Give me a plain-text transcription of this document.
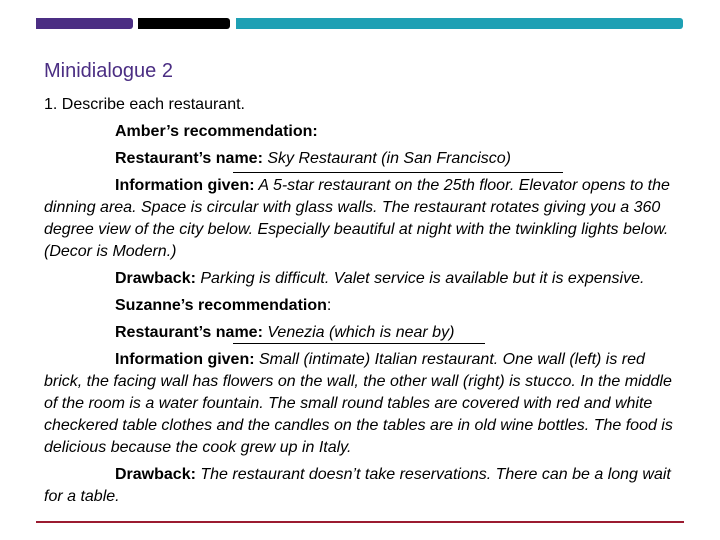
Minidialogue 2

1. Describe each restaurant.

Amber’s recommendation:

Restaurant’s name: Sky Restaurant (in San Francisco)

Information given: A 5-star restaurant on the 25th floor. Elevator opens to the dinning area. Space is circular with glass walls. The restaurant rotates giving you a 360 degree view of the city below. Especially beautiful at night with the twinkling lights below. (Decor is Modern.)

Drawback: Parking is difficult. Valet service is available but it is expensive.

Suzanne’s recommendation:

Restaurant’s name: Venezia (which is near by)

Information given: Small (intimate) Italian restaurant. One wall (left) is red brick, the facing wall has flowers on the wall, the other wall (right) is stucco. In the middle of the room is a water fountain. The small round tables are covered with red and white checkered table clothes and the candles on the tables are in old wine bottles. The food is delicious because the cook grew up in Italy.

Drawback: The restaurant doesn’t take reservations. There can be a long wait for a table.
